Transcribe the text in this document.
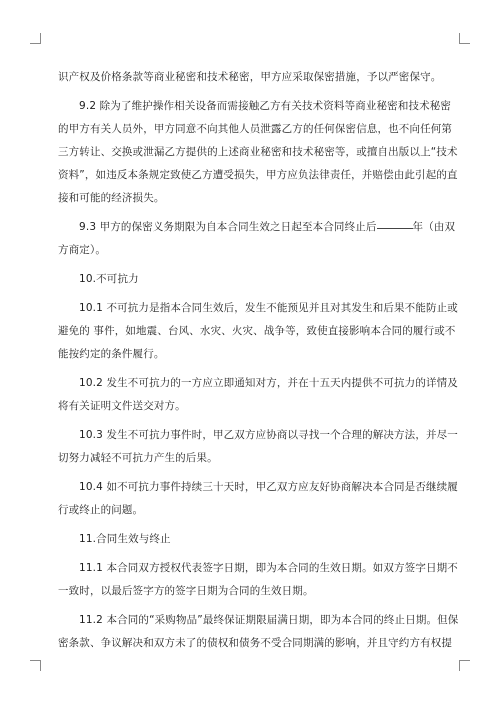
识产权及价格条款等商业秘密和技术秘密，甲方应采取保密措施，予以严密保守。
9.2 除为了维护操作相关设备而需接触乙方有关技术资料等商业秘密和技术秘密
的甲方有关人员外，甲方同意不向其他人员泄露乙方的任何保密信息，也不向任何第
三方转让、交换或泄漏乙方提供的上述商业秘密和技术秘密等，或擅自出版以上“技术
资料”，如违反本条规定致使乙方遭受损失，甲方应负法律责任，并赔偿由此引起的直
接和可能的经济损失。
9.3 甲方的保密义务期限为自本合同生效之日起至本合同终止后	年（由双
方商定）。
10.不可抗力
10.1 不可抗力是指本合同生效后，发生不能预见并且对其发生和后果不能防止或
避免的 事件，如地震、台风、水灾、火灾、战争等，致使直接影响本合同的履行或不
能按约定的条件履行。
10.2 发生不可抗力的一方应立即通知对方，并在十五天内提供不可抗力的详情及
将有关证明文件送交对方。
10.3 发生不可抗力事件时，甲乙双方应协商以寻找一个合理的解决方法，并尽一
切努力减轻不可抗力产生的后果。
10.4 如不可抗力事件持续三十天时，甲乙双方应友好协商解决本合同是否继续履
行或终止的问题。
11.合同生效与终止
11.1 本合同双方授权代表签字日期，即为本合同的生效日期。如双方签字日期不
一致时，以最后签字方的签字日期为合同的生效日期。
11.2 本合同的“采购物品”最终保证期限届满日期，即为本合同的终止日期。但保
密条款、争议解决和双方未了的债权和债务不受合同期满的影响，并且守约方有权提
